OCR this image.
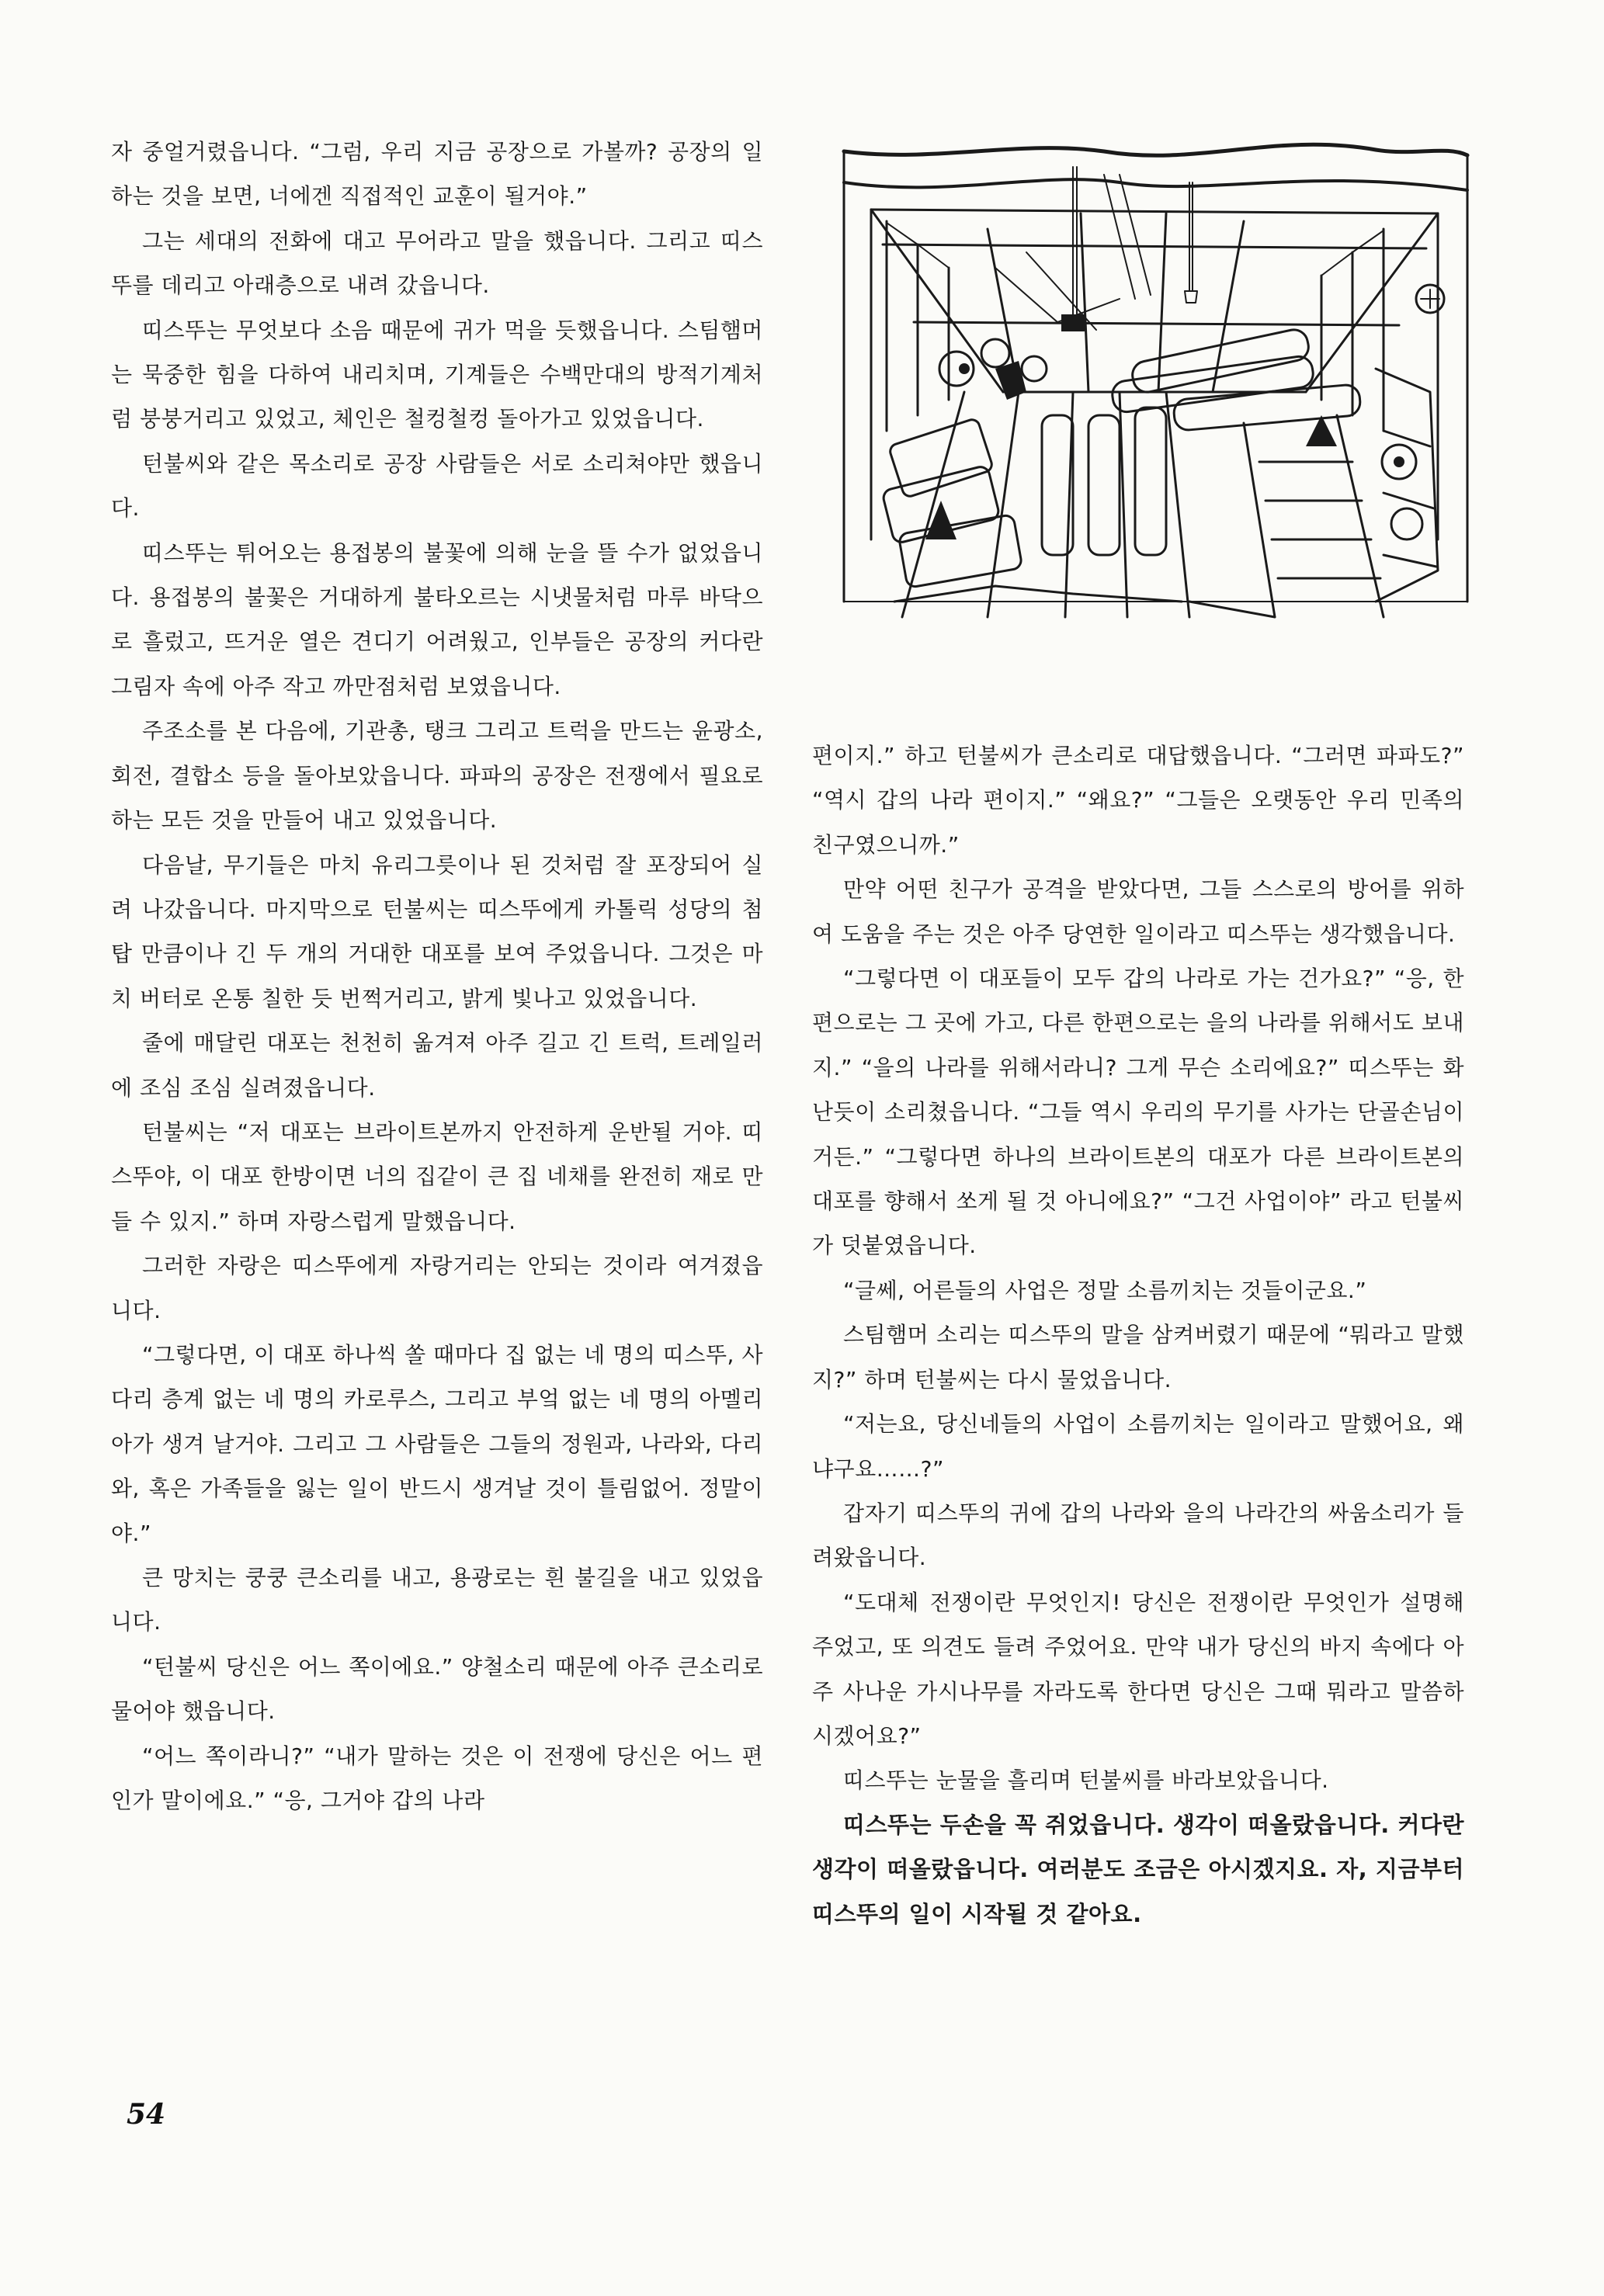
자 중얼거렸읍니다. “그럼, 우리 지금 공장으로 가볼까? 공장의 일하는 것을 보면, 너에겐 직접적인 교훈이 될거야.”

그는 세대의 전화에 대고 무어라고 말을 했읍니다. 그리고 띠스뚜를 데리고 아래층으로 내려 갔읍니다.

띠스뚜는 무엇보다 소음 때문에 귀가 먹을 듯했읍니다. 스팀햄머는 묵중한 힘을 다하여 내리치며, 기계들은 수백만대의 방적기계처럼 붕붕거리고 있었고, 체인은 철컹철컹 돌아가고 있었읍니다.

턴불씨와 같은 목소리로 공장 사람들은 서로 소리쳐야만 했읍니다.

띠스뚜는 튀어오는 용접봉의 불꽃에 의해 눈을 뜰 수가 없었읍니다. 용접봉의 불꽃은 거대하게 불타오르는 시냇물처럼 마루 바닥으로 흘렀고, 뜨거운 열은 견디기 어려웠고, 인부들은 공장의 커다란 그림자 속에 아주 작고 까만점처럼 보였읍니다.

주조소를 본 다음에, 기관총, 탱크 그리고 트럭을 만드는 윤광소, 회전, 결합소 등을 돌아보았읍니다. 파파의 공장은 전쟁에서 필요로 하는 모든 것을 만들어 내고 있었읍니다.

다음날, 무기들은 마치 유리그릇이나 된 것처럼 잘 포장되어 실려 나갔읍니다. 마지막으로 턴불씨는 띠스뚜에게 카톨릭 성당의 첨탑 만큼이나 긴 두 개의 거대한 대포를 보여 주었읍니다. 그것은 마치 버터로 온통 칠한 듯 번쩍거리고, 밝게 빛나고 있었읍니다.

줄에 매달린 대포는 천천히 옮겨져 아주 길고 긴 트럭, 트레일러에 조심 조심 실려졌읍니다.

턴불씨는 “저 대포는 브라이트본까지 안전하게 운반될 거야. 띠스뚜야, 이 대포 한방이면 너의 집같이 큰 집 네채를 완전히 재로 만들 수 있지.” 하며 자랑스럽게 말했읍니다.

그러한 자랑은 띠스뚜에게 자랑거리는 안되는 것이라 여겨졌읍니다.

“그렇다면, 이 대포 하나씩 쏠 때마다 집 없는 네 명의 띠스뚜, 사다리 층계 없는 네 명의 카로루스, 그리고 부엌 없는 네 명의 아멜리아가 생겨 날거야. 그리고 그 사람들은 그들의 정원과, 나라와, 다리와, 혹은 가족들을 잃는 일이 반드시 생겨날 것이 틀림없어. 정말이야.”

큰 망치는 쿵쿵 큰소리를 내고, 용광로는 흰 불길을 내고 있었읍니다.

“턴불씨 당신은 어느 쪽이에요.” 양철소리 때문에 아주 큰소리로 물어야 했읍니다.

“어느 쪽이라니?” “내가 말하는 것은 이 전쟁에 당신은 어느 편인가 말이에요.” “응, 그거야 갑의 나라

편이지.” 하고 턴불씨가 큰소리로 대답했읍니다. “그러면 파파도?” “역시 갑의 나라 편이지.” “왜요?” “그들은 오랫동안 우리 민족의 친구였으니까.”

만약 어떤 친구가 공격을 받았다면, 그들 스스로의 방어를 위하여 도움을 주는 것은 아주 당연한 일이라고 띠스뚜는 생각했읍니다.

“그렇다면 이 대포들이 모두 갑의 나라로 가는 건가요?” “응, 한편으로는 그 곳에 가고, 다른 한편으로는 을의 나라를 위해서도 보내지.” “을의 나라를 위해서라니? 그게 무슨 소리에요?” 띠스뚜는 화난듯이 소리쳤읍니다. “그들 역시 우리의 무기를 사가는 단골손님이거든.” “그렇다면 하나의 브라이트본의 대포가 다른 브라이트본의 대포를 향해서 쏘게 될 것 아니에요?” “그건 사업이야” 라고 턴불씨가 덧붙였읍니다.

“글쎄, 어른들의 사업은 정말 소름끼치는 것들이군요.”

스팀햄머 소리는 띠스뚜의 말을 삼켜버렸기 때문에 “뭐라고 말했지?” 하며 턴불씨는 다시 물었읍니다.

“저는요, 당신네들의 사업이 소름끼치는 일이라고 말했어요, 왜냐구요……?”

갑자기 띠스뚜의 귀에 갑의 나라와 을의 나라간의 싸움소리가 들려왔읍니다.

“도대체 전쟁이란 무엇인지! 당신은 전쟁이란 무엇인가 설명해 주었고, 또 의견도 들려 주었어요. 만약 내가 당신의 바지 속에다 아주 사나운 가시나무를 자라도록 한다면 당신은 그때 뭐라고 말씀하시겠어요?”

띠스뚜는 눈물을 흘리며 턴불씨를 바라보았읍니다.

띠스뚜는 두손을 꼭 쥐었읍니다. 생각이 떠올랐읍니다. 커다란 생각이 떠올랐읍니다. 여러분도 조금은 아시겠지요. 자, 지금부터 띠스뚜의 일이 시작될 것 같아요.

54
